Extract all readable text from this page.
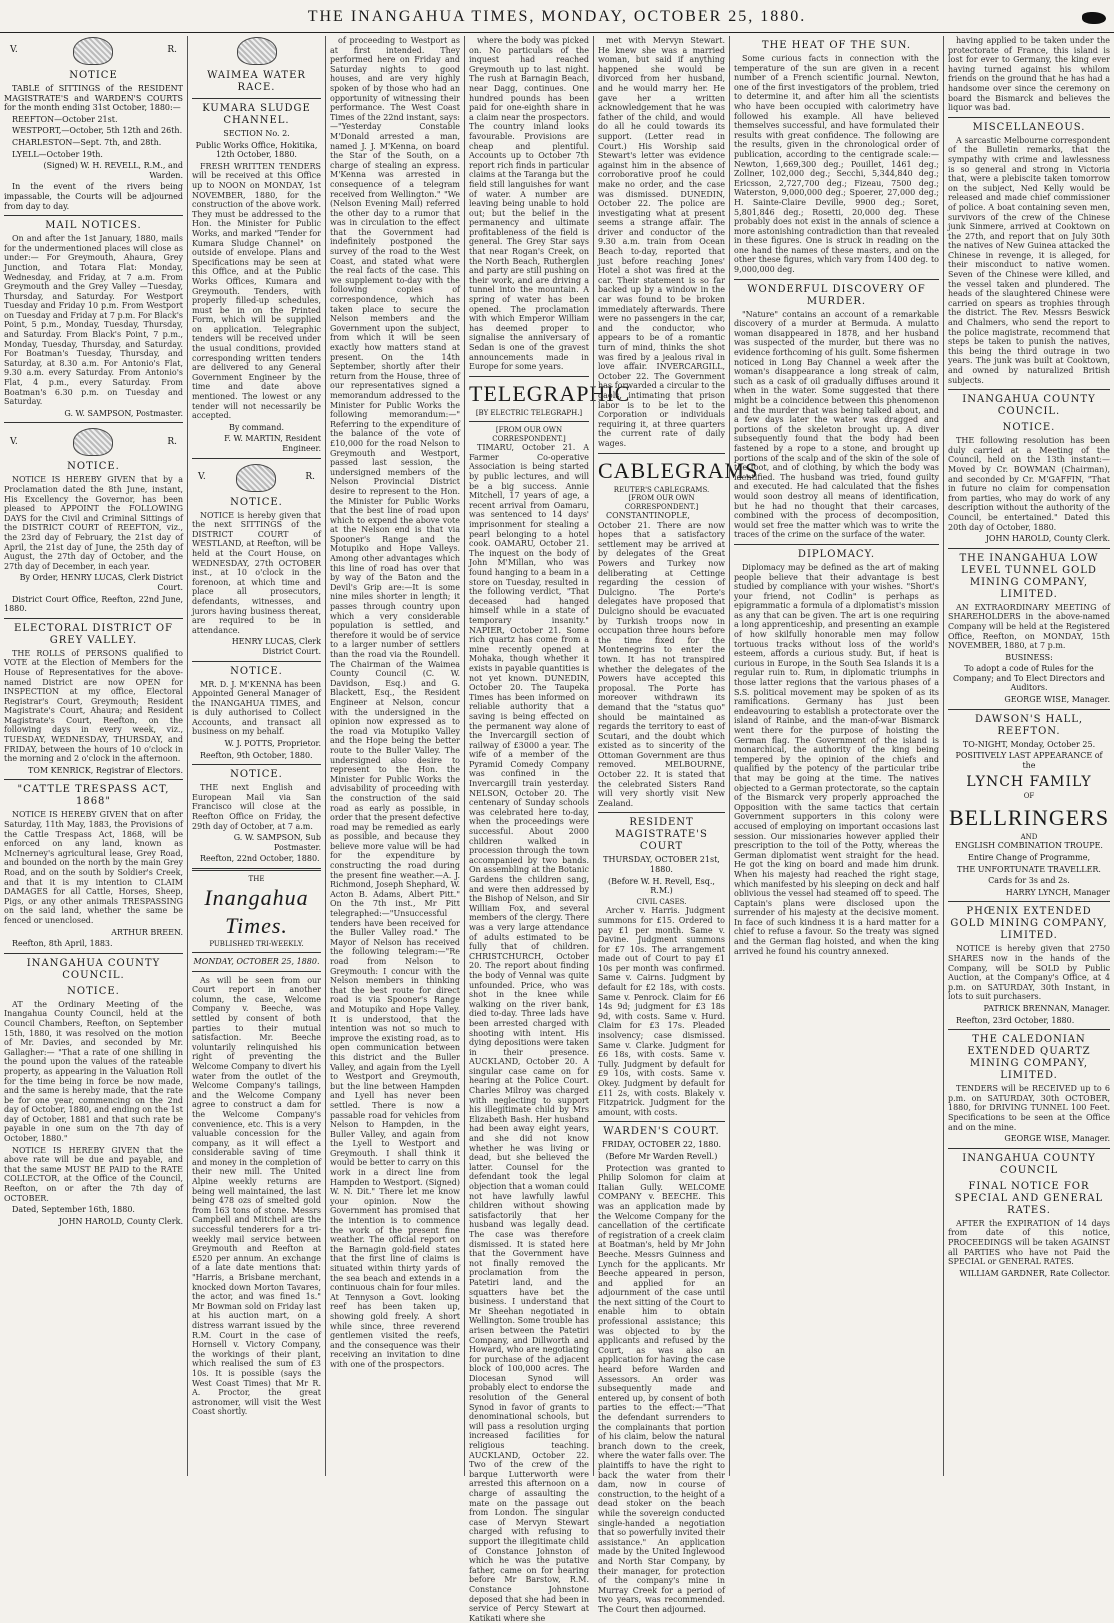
THE INANGAHUA TIMES, MONDAY, OCTOBER 25, 1880.
V.	R.
NOTICE

TABLE of SITTINGS of the RESIDENT MAGISTRATE'S and WARDEN'S COURTS for the month ending 31st October, 1880:—

REEFTON—October 21st.

WESTPORT,—October, 5th 12th and 26th.

CHARLESTON—Sept. 7th, and 28th.

LYELL—October 19th.

(Signed) W. H. REVELL, R.M., and Warden.

In the event of the rivers being impassable, the Courts will be adjourned from day to day.

MAIL NOTICES.

On and after the 1st January, 1880, mails for the undermentioned places will close as under:— For Greymouth, Ahaura, Grey Junction, and Totara Flat: Monday, Wednesday, and Friday, at 7 a.m. From Greymouth and the Grey Valley —Tuesday, Thursday, and Saturday. For Westport Tuesday and Friday 10 p.m. From Westport on Tuesday and Friday at 7 p.m. For Black's Point, 5 p.m., Monday, Tuesday, Thursday, and Saturday. From Black's Point, 7 p.m., Monday, Tuesday, Thursday, and Saturday. For Boatman's Tuesday, Thursday, and Saturday, at 8.30 a.m. For Antonio's Flat, 9.30 a.m. every Saturday. From Antonio's Flat, 4 p.m., every Saturday. From Boatman's 6.30 p.m. on Tuesday and Saturday.

G. W. SAMPSON, Postmaster.

V.	R.
NOTICE.

NOTICE IS HEREBY GIVEN that by a Proclamation dated the 8th June, instant, His Excellency the Governor, has been pleased to APPOINT the FOLLOWING DAYS for the Civil and Criminal Sittings of the DISTRICT COURT of REEFTON, viz., the 23rd day of February, the 21st day of April, the 21st day of June, the 25th day of August, the 27th day of October, and the 27th day of December, in each year.

By Order, HENRY LUCAS, Clerk District Court.

District Court Office, Reefton, 22nd June, 1880.

ELECTORAL DISTRICT OF GREY VALLEY.

THE ROLLS of PERSONS qualified to VOTE at the Election of Members for the House of Representatives for the above-named District are now OPEN for INSPECTION at my office, Electoral Registrar's Court, Greymouth; Resident Magistrate's Court, Ahaura; and Resident Magistrate's Court, Reefton, on the following days in every week, viz., TUESDAY, WEDNESDAY, THURSDAY, and FRIDAY, between the hours of 10 o'clock in the morning and 2 o'clock in the afternoon.

TOM KENRICK, Registrar of Electors.

"CATTLE TRESPASS ACT, 1868"

NOTICE IS HEREBY GIVEN that on after Saturday, 11th May, 1883, the Provisions of the Cattle Trespass Act, 1868, will be enforced on any land, known as McInerney's agricultural lease, Grey Road, and bounded on the north by the main Grey Road, and on the south by Soldier's Creek, and that it is my intention to CLAIM DAMAGES for all Cattle, Horses, Sheep, Pigs, or any other animals TRESPASSING on the said land, whether the same be fenced or unenclosed.

ARTHUR BREEN.

Reefton, 8th April, 1883.

INANGAHUA COUNTY COUNCIL.
NOTICE.

AT the Ordinary Meeting of the Inangahua County Council, held at the Council Chambers, Reefton, on September 15th, 1880, it was resolved on the motion of Mr. Davies, and seconded by Mr. Gallagher:— "That a rate of one shilling in the pound upon the values of the rateable property, as appearing in the Valuation Roll for the time being in force be now made, and the same is hereby made, that the rate be for one year, commencing on the 2nd day of October, 1880, and ending on the 1st day of October, 1881 and that such rate be payable in one sum on the 7th day of October, 1880."

NOTICE IS HEREBY GIVEN that the above rate will be due and payable, and that the same MUST BE PAID to the RATE COLLECTOR, at the Office of the Council, Reefton, on or after the 7th day of OCTOBER.

Dated, September 16th, 1880.

JOHN HAROLD, County Clerk.

WAIMEA WATER RACE.
KUMARA SLUDGE CHANNEL.

SECTION No. 2.

Public Works Office, Hokitika, 12th October, 1880.

FRESH WRITTEN TENDERS will be received at this Office up to NOON on MONDAY, 1st NOVEMBER, 1880, for the construction of the above work. They must be addressed to the Hon. the Minister for Public Works, and marked "Tender for Kumara Sludge Channel" on outside of envelope. Plans and Specifications may be seen at this Office, and at the Public Works Offices, Kumara and Greymouth. Tenders, with properly filled-up schedules, must be in on the Printed Form, which will be supplied on application. Telegraphic tenders will be received under the usual conditions, provided corresponding written tenders are delivered to any General Government Engineer by the time and date above mentioned. The lowest or any tender will not necessarily be accepted.

By command.

F. W. MARTIN, Resident Engineer.

V.	R.
NOTICE.

NOTICE is hereby given that the next SITTINGS of the DISTRICT COURT of WESTLAND, at Reefton, will be held at the Court House, on WEDNESDAY, 27th OCTOBER inst., at 10 o'clock in the forenoon, at which time and place all prosecutors, defendants, witnesses, and jurors having business thereat, are required to be in attendance.

HENRY LUCAS, Clerk District Court.

NOTICE.

MR. D. J. M'KENNA has been Appointed General Manager of the INANGAHUA TIMES, and is duly authorised to Collect Accounts, and transact all business on my behalf.

W. J. POTTS, Proprietor.

Reefton, 9th October, 1880.

NOTICE.

THE next English and European Mail via San Francisco will close at the Reefton Office on Friday, the 29th day of October, at 7 a.m.

G. W. SAMPSON, Sub Postmaster.

Reefton, 22nd October, 1880.

THE
Inangahua Times.
PUBLISHED TRI-WEEKLY.

MONDAY, OCTOBER 25, 1880.

As will be seen from our Court report in another column, the case, Welcome Company v. Beeche, was settled by consent of both parties to their mutual satisfaction. Mr. Beeche voluntarily relinquished his right of preventing the Welcome Company to divert his water from the outlet of the Welcome Company's tailings, and the Welcome Company agree to construct a dam for the Welcome Company's convenience, etc. This is a very valuable concession for the company, as it will effect a considerable saving of time and money in the completion of their new mill. The United Alpine weekly returns are being well maintained, the last being 478 ozs of smelted gold from 163 tons of stone. Messrs Campbell and Mitchell are the successful tenderers for a tri-weekly mail service between Greymouth and Reefton at £520 per annum. An exchange of a late date mentions that: "Harris, a Brisbane merchant, knocked down Morton Tavares, the actor, and was fined 1s." Mr Bowman sold on Friday last at his auction mart, on a distress warrant issued by the R.M. Court in the case of Hornsell v. Victory Company, the workings of their plant, which realised the sum of £3 10s. It is possible (says the West Coast Times) that Mr R. A. Proctor, the great astronomer, will visit the West Coast shortly.

of proceeding to Westport as at first intended. They performed here on Friday and Saturday nights to good houses, and are very highly spoken of by those who had an opportunity of witnessing their performance. The West Coast Times of the 22nd instant, says:—"Yesterday Constable M'Donald arrested a man, named J. J. M'Kenna, on board the Star of the South, on a charge of stealing an express. M'Kenna was arrested in consequence of a telegram received from Wellington." "We (Nelson Evening Mail) referred the other day to a rumor that was in circulation to the effect that the Government had indefinitely postponed the survey of the road to the West Coast, and stated what were the real facts of the case. This we supplement to-day with the following copies of correspondence, which has taken place to secure the Nelson members and the Government upon the subject, from which it will be seen exactly how matters stand at present. On the 14th September, shortly after their return from the House, three of our representatives signed a memorandum addressed to the Minister for Public Works the following memorandum:—" Referring to the expenditure of the balance of the vote of £10,000 for the road Nelson to Greymouth and Westport, passed last session, the undersigned members of the Nelson Provincial District desire to represent to the Hon. the Minister for Public Works that the best line of road upon which to expend the above vote at the Nelson end is that via Spooner's Range and the Motupiko and Hope Valleys. Among other advantages which this line of road has over that by way of the Baton and the Devil's Grip are:—It is some nine miles shorter in length; it passes through country upon which a very considerable population is settled, and therefore it would be of service to a larger number of settlers than the road via the Roundell. The Chairman of the Waimea County Council (C. W. Davidson, Esq.) and G. Blackett, Esq., the Resident Engineer at Nelson, concur with the undersigned in the opinion now expressed as to the road via Motupiko Valley and the Hope being the better route to the Buller Valley. The undersigned also desire to represent to the Hon. the Minister for Public Works the advisability of proceeding with the construction of the said road as early as possible, in order that the present defective road may be remedied as early as possible, and because they believe more value will be had for the expenditure by constructing the road during the present fine weather.—A. J. Richmond, Joseph Shephard, W. Acton B. Adams, Albert Pitt." On the 7th inst., Mr Pitt telegraphed:—"Unsuccessful tenders have been received for the Buller Valley road." The Mayor of Nelson has received the following telegram:—"Re road from Nelson to Greymouth: I concur with the Nelson members in thinking that the best route for direct road is via Spooner's Range and Motupiko and Hope Valley. It is understood, that the intention was not so much to improve the existing road, as to open communication between this district and the Buller Valley, and again from the Lyell to Westport and Greymouth, but the line between Hampden and Lyell has never been settled. There is now a passable road for vehicles from Nelson to Hampden, in the Buller Valley, and again from the Lyell to Westport and Greymouth. I shall think it would be better to carry on this work in a direct line from Hampden to Westport. (Signed) W. N. Dit." There let me know your opinion. Now the Government has promised that the intention is to commence the work of the present fine weather. The official report on the Barnagin gold-field states that the first line of claims is situated within thirty yards of the sea beach and extends in a continuous chain for four miles. At Tennyson a Govt. looking reef has been taken up, showing gold freely. A short while since, three reverend gentlemen visited the reefs, and the consequence was their receiving an invitation to dine with one of the prospectors.

where the body was picked on. No particulars of the inquest had reached Greymouth up to last night. The rush at Barnagin Beach, near Dagg, continues. One hundred pounds has been paid for one-eighth share in a claim near the prospectors. The country inland looks favourable. Provisions are cheap and plentiful. Accounts up to October 7th report rich finds in particular claims at the Taranga but the field still languishes for want of water. A number are leaving being unable to hold out; but the belief in the permanency and ultimate profitableness of the field is general. The Grey Star says that near Rogan's Creek, on the North Beach, Rutherglen and party are still pushing on their work, and are driving a tunnel into the mountain. A spring of water has been opened. The proclamation with which Emperor William has deemed proper to signalise the anniversary of Sedan is one of the gravest announcements made in Europe for some years.

TELEGRAPHIC
[BY ELECTRIC TELEGRAPH.]
[FROM OUR OWN CORRESPONDENT.]

TIMARU, October 21. A Farmer Co-operative Association is being started by public lectures, and will be a big success. Annie Mitchell, 17 years of age, a recent arrival from Oamaru, was sentenced to 14 days' imprisonment for stealing a pearl belonging to a hotel cook. OAMARU, October 21. The inquest on the body of John M'Millan, who was found hanging to a beam in a store on Tuesday, resulted in the following verdict, "That deceased had hanged himself while in a state of temporary insanity." NAPIER, October 21. Some rich quartz has come from a mine recently opened at Mohaka, though whether it exists in payable quantities is not yet known. DUNEDIN, October 20. The Taupeka Times has been informed on reliable authority that a saving is being effected on the permanent way alone of the Invercargill section of railway of £3000 a year. The wife of a member of the Pyramid Comedy Company was confined in the Invercargill train yesterday. NELSON, October 20. The centenary of Sunday schools was celebrated here to-day, when the proceedings were successful. About 2000 children walked in procession through the town accompanied by two bands. On assembling at the Botanic Gardens the children sang, and were then addressed by the Bishop of Nelson, and Sir William Fox, and several members of the clergy. There was a very large attendance of adults estimated to be fully that of children. CHRISTCHURCH, October 20. The report about finding the body of Vennal was quite unfounded. Price, who was shot in the knee while walking on the river bank, died to-day. Three lads have been arrested charged with shooting with intent. His dying depositions were taken in their presence. AUCKLAND, October 20. A singular case came on for hearing at the Police Court. Charles Milroy was charged with neglecting to support his illegitimate child by Mrs Elizabeth Bash. Her husband had been away eight years, and she did not know whether he was living or dead, but she believed the latter. Counsel for the defendant took the legal objection that a woman could not have lawfully lawful children without showing satisfactorily that her husband was legally dead. The case was therefore dismissed. It is stated here that the Government have not finally removed the proclamation from the Patetiri land, and the squatters have bet the business. I understand that Mr Sheehan negotiated in Wellington. Some trouble has arisen between the Patetiri Company, and Dillworth and Howard, who are negotiating for purchase of the adjacent block of 100,000 acres. The Diocesan Synod will probably elect to endorse the resolution of the General Synod in favor of grants to denominational schools, but will pass a resolution urging increased facilities for religious teaching. AUCKLAND, October 22. Two of the crew of the barque Lutterworth were arrested this afternoon on a charge of assaulting the mate on the passage out from London. The singular case of Mervyn Stewart charged with refusing to support the illegitimate child of Constance Johnston of which he was the putative father, came on for hearing before Mr Barstow, R.M. Constance Johnstone deposed that she had been in service of Percy Stewart at Katikati where she

met with Mervyn Stewart. He knew she was a married woman, but said if anything happened she would be divorced from her husband, and he would marry her. He gave her a written acknowledgement that he was father of the child, and would do all he could towards its support. (Letter read in Court.) His Worship said Stewart's letter was evidence against him in the absence of corroborative proof he could make no order, and the case was dismissed. DUNEDIN, October 22. The police are investigating what at present seems a strange affair. The driver and conductor of the 9.30 a.m. train from Ocean Beach to-day, reported that just before reaching Jones' Hotel a shot was fired at the car. Their statement is so far backed up by a window in the car was found to be broken immediately afterwards. There were no passengers in the car, and the conductor, who appears to be of a romantic turn of mind, thinks the shot was fired by a jealous rival in love affair. INVERCARGILL, October 22. The Government has forwarded a circular to the gaols, intimating that prison labor is to be let to the Corporation or individuals requiring it, at three quarters the current rate of daily wages.

CABLEGRAMS
REUTER'S CABLEGRAMS.
[FROM OUR OWN CORRESPONDENT.]

CONSTANTINOPLE, October 21. There are now hopes that a satisfactory settlement may be arrived at by delegates of the Great Powers and Turkey now deliberating at Cettinge regarding the cession of Dulcigno. The Porte's delegates have proposed that Dulcigno should be evacuated by Turkish troops now in occupation three hours before the time fixed for the Montenegrins to enter the town. It has not transpired whether the delegates of the Powers have accepted this proposal. The Porte has moreover withdrawn its demand that the "status quo" should be maintained as regards the territory to east of Scutari, and the doubt which existed as to sincerity of the Ottoman Government are thus removed. MELBOURNE, October 22. It is stated that the celebrated Sisters Rand will very shortly visit New Zealand.

RESIDENT MAGISTRATE'S COURT

THURSDAY, OCTOBER 21st, 1880.

(Before W. H. Revell, Esq., R.M.)

CIVIL CASES.

Archer v. Harris. Judgment summons for £15. Ordered to pay £1 per month. Same v. Davine. Judgment summons for £7 10s. The arrangement made out of Court to pay £1 10s per month was confirmed. Same v. Cairns. Judgment by default for £2 18s, with costs. Same v. Penrock. Claim for £6 14s 9d; judgment for £3 18s 9d, with costs. Same v. Hurd. Claim for £3 17s. Pleaded insolvency; case dismissed. Same v. Clarke. Judgment for £6 18s, with costs. Same v. Tully. Judgment by default for £9 10s, with costs. Same v. Okey. Judgment by default for £11 2s, with costs. Blakely v. Fitzpatrick. Judgment for the amount, with costs.

WARDEN'S COURT.

FRIDAY, OCTOBER 22, 1880.

(Before Mr Warden Revell.)

Protection was granted to Philip Solomon for claim at Italian Gully. WELCOME COMPANY v. BEECHE. This was an application made by the Welcome Company for the cancellation of the certificate of registration of a creek claim at Boatman's, held by Mr John Beeche. Messrs Guinness and Lynch for the applicants. Mr Beeche appeared in person, and applied for an adjournment of the case until the next sitting of the Court to enable him to obtain professional assistance; this was objected to by the applicants and refused by the Court, as was also an application for having the case heard before Warden and Assessors. An order was subsequently made and entered up, by consent of both parties to the effect:—"That the defendant surrenders to the complainants that portion of his claim, below the natural branch down to the creek, where the water falls over. The plaintiffs to have the right to back the water from their dam, now in course of construction, to the height of a dead stoker on the beach while the sovereign conducted single-handed a negotiation that so powerfully invited their assistance." An application made by the United Inglewood and North Star Company, by their manager, for protection of the company's mine in Murray Creek for a period of two years, was recommended. The Court then adjourned.

THE HEAT OF THE SUN.

Some curious facts in connection with the temperature of the sun are given in a recent number of a French scientific journal. Newton, one of the first investigators of the problem, tried to determine it, and after him all the scientists who have been occupied with calorimetry have followed his example. All have believed themselves successful, and have formulated their results with great confidence. The following are the results, given in the chronological order of publication, according to the centigrade scale:—Newton, 1,669,300 deg.; Pouillet, 1461 deg.; Zollner, 102,000 deg.; Secchi, 5,344,840 deg.; Ericsson, 2,727,700 deg.; Fizeau, 7500 deg.; Waterston, 9,000,000 deg.; Spoerer, 27,000 deg.; H. Sainte-Claire Deville, 9900 deg.; Soret, 5,801,846 deg.; Rosetti, 20,000 deg. These probably does not exist in the annals of science a more astonishing contradiction than that revealed in these figures. One is struck in reading on the one hand the names of these masters, and on the other these figures, which vary from 1400 deg. to 9,000,000 deg.

WONDERFUL DISCOVERY OF MURDER.

"Nature" contains an account of a remarkable discovery of a murder at Bermuda. A mulatto woman disappeared in 1878, and her husband was suspected of the murder, but there was no evidence forthcoming of his guilt. Some fishermen noticed in Long Bay Channel a week after the woman's disappearance a long streak of calm, such as a cask of oil gradually diffuses around it when in the water. Some suggested that there might be a coincidence between this phenomenon and the murder that was being talked about, and a few days later the water was dragged and portions of the skeleton brought up. A diver subsequently found that the body had been fastened by a rope to a stone, and brought up portions of the scalp and of the skin of the sole of the foot, and of clothing, by which the body was identified. The husband was tried, found guilty and executed. He had calculated that the fishes would soon destroy all means of identification, but he had no thought that their carcases, combined with the process of decomposition, would set free the matter which was to write the traces of the crime on the surface of the water.

DIPLOMACY.

Diplomacy may be defined as the art of making people believe that their advantage is best studied by compliance with your wishes. "Short's your friend, not Codlin" is perhaps as epigrammatic a formula of a diplomatist's mission as any that can be given. The art is one requiring a long apprenticeship, and presenting an example of how skilfully honorable men may follow tortuous tracks without loss of the world's esteem, affords a curious study. But, if heat is curious in Europe, in the South Sea Islands it is a regular ruin to. Rum, in diplomatic triumphs in those latter regions that the various phases of a S.S. political movement may be spoken of as its ramifications. Germany has just been endeavouring to establish a protectorate over the island of Rainbe, and the man-of-war Bismarck went there for the purpose of hoisting the German flag. The Government of the island is monarchical, the authority of the king being tempered by the opinion of the chiefs and qualified by the potency of the particular tribe that may be going at the time. The natives objected to a German protectorate, so the captain of the Bismarck very properly approached the Opposition with the same tactics that certain Government supporters in this colony were accused of employing on important occasions last session. Our missionaries however applied their prescription to the toil of the Potty, whereas the German diplomatist went straight for the head. He got the king on board and made him drunk. When his majesty had reached the right stage, which manifested by his sleeping on deck and half oblivious the vessel had steamed off to speed. The Captain's plans were disclosed upon the surrender of his majesty at the decisive moment. In face of such kindness it is a hard matter for a chief to refuse a favour. So the treaty was signed and the German flag hoisted, and when the king arrived he found his country annexed.

having applied to be taken under the protectorate of France, this island is lost for ever to Germany, the king ever having turned against his whilom friends on the ground that he has had a handsome over since the ceremony on board the Bismarck and believes the liquor was bad.

MISCELLANEOUS.

A sarcastic Melbourne correspondent of the Bulletin remarks, that the sympathy with crime and lawlessness is so general and strong in Victoria that, were a plebiscite taken tomorrow on the subject, Ned Kelly would be released and made chief commissioner of police. A boat containing seven men, survivors of the crew of the Chinese junk Sinmere, arrived at Cooktown on the 27th, and report that on July 30th the natives of New Guinea attacked the Chinese in revenge, it is alleged, for their misconduct to native women. Seven of the Chinese were killed, and the vessel taken and plundered. The heads of the slaughtered Chinese were carried on spears as trophies through the district. The Rev. Messrs Beswick and Chalmers, who send the report to the police magistrate, recommend that steps be taken to punish the natives, this being the third outrage in two years. The junk was built at Cooktown, and owned by naturalized British subjects.

INANGAHUA COUNTY COUNCIL.
NOTICE.

THE following resolution has been duly carried at a Meeting of the Council, held on the 13th instant:— Moved by Cr. BOWMAN (Chairman), and seconded by Cr. M'GAFFIN, "That in future no claim for compensation from parties, who may do work of any description without the authority of the Council, be entertained." Dated this 20th day of October, 1880.

JOHN HAROLD, County Clerk.

THE INANGAHUA LOW LEVEL TUNNEL GOLD MINING COMPANY, LIMITED.

AN EXTRAORDINARY MEETING of SHAREHOLDERS in the above-named Company will be held at the Registered Office, Reefton, on MONDAY, 15th NOVEMBER, 1880, at 7 p.m.

BUSINESS:

To adopt a code of Rules for the Company; and To Elect Directors and Auditors.

GEORGE WISE, Manager.

DAWSON'S HALL, REEFTON.

TO-NIGHT, Monday, October 25.

POSITIVELY LAST APPEARANCE of the

LYNCH FAMILY
OF
BELLRINGERS
AND

ENGLISH COMBINATION TROUPE.

Entire Change of Programme,

THE UNFORTUNATE TRAVELLER.

Cards for 3s and 2s.

HARRY LYNCH, Manager

PHŒNIX EXTENDED GOLD MINING COMPANY, LIMITED.

NOTICE is hereby given that 2750 SHARES now in the hands of the Company, will be SOLD by Public Auction, at the Company's Office, at 4 p.m. on SATURDAY, 30th Instant, in lots to suit purchasers.

PATRICK BRENNAN, Manager.

Reefton, 23rd October, 1880.

THE CALEDONIAN EXTENDED QUARTZ MINING COMPANY, LIMITED.

TENDERS will be RECEIVED up to 6 p.m. on SATURDAY, 30th OCTOBER, 1880, for DRIVING TUNNEL 100 Feet. Specifications to be seen at the Office and on the mine.

GEORGE WISE, Manager.

INANGAHUA COUNTY COUNCIL
FINAL NOTICE FOR SPECIAL AND GENERAL RATES.

AFTER the EXPIRATION of 14 days from date of this notice, PROCEEDINGS will be taken AGAINST all PARTIES who have not Paid the SPECIAL or GENERAL RATES.

WILLIAM GARDNER, Rate Collector.
